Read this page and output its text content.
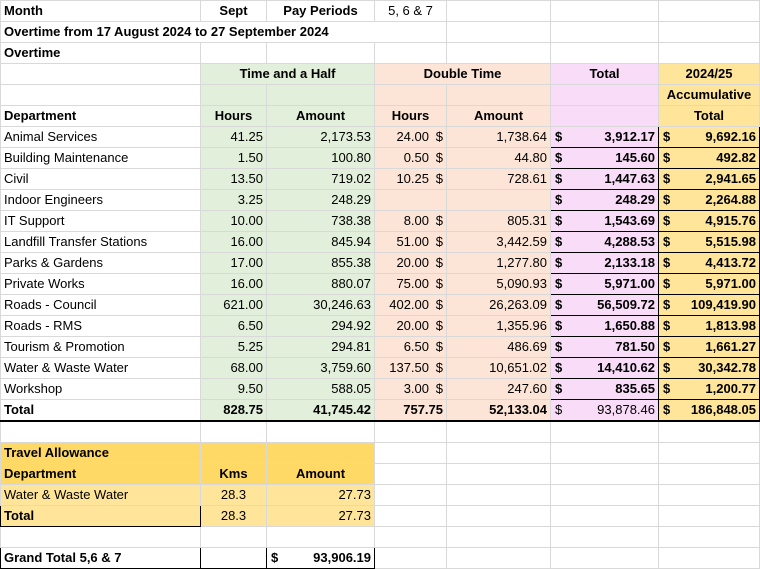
Month	Sept	Pay Periods	5, 6 & 7			
Overtime from 17 August 2024 to 27 September 2024						
Overtime						
	Time and a Half		Double Time		Total	2024/25
						Accumulative
Department	Hours	Amount	Hours	Amount		Total
Animal Services	41.25	2,173.53	24.00 $	1,738.64	$ 3,912.17	$ 9,692.16
Building Maintenance	1.50	100.80	0.50 $	44.80	$ 145.60	$ 492.82
Civil	13.50	719.02	10.25 $	728.61	$ 1,447.63	$ 2,941.65
Indoor Engineers	3.25	248.29			$ 248.29	$ 2,264.88
IT Support	10.00	738.38	8.00 $	805.31	$ 1,543.69	$ 4,915.76
Landfill Transfer Stations	16.00	845.94	51.00 $	3,442.59	$ 4,288.53	$ 5,515.98
Parks & Gardens	17.00	855.38	20.00 $	1,277.80	$ 2,133.18	$ 4,413.72
Private Works	16.00	880.07	75.00 $	5,090.93	$ 5,971.00	$ 5,971.00
Roads - Council	621.00	30,246.63	402.00 $	26,263.09	$ 56,509.72	$ 109,419.90
Roads - RMS	6.50	294.92	20.00 $	1,355.96	$ 1,650.88	$ 1,813.98
Tourism & Promotion	5.25	294.81	6.50 $	486.69	$ 781.50	$ 1,661.27
Water & Waste Water	68.00	3,759.60	137.50 $	10,651.02	$ 14,410.62	$ 30,342.78
Workshop	9.50	588.05	3.00 $	247.60	$ 835.65	$ 1,200.77
Total	828.75	41,745.42	757.75	52,133.04	$ 93,878.46	$ 186,848.05

Travel Allowance						
Department	Kms	Amount				
Water & Waste Water	28.3	27.73				
Total	28.3	27.73				

Grand Total 5,6 & 7		$ 93,906.19				
